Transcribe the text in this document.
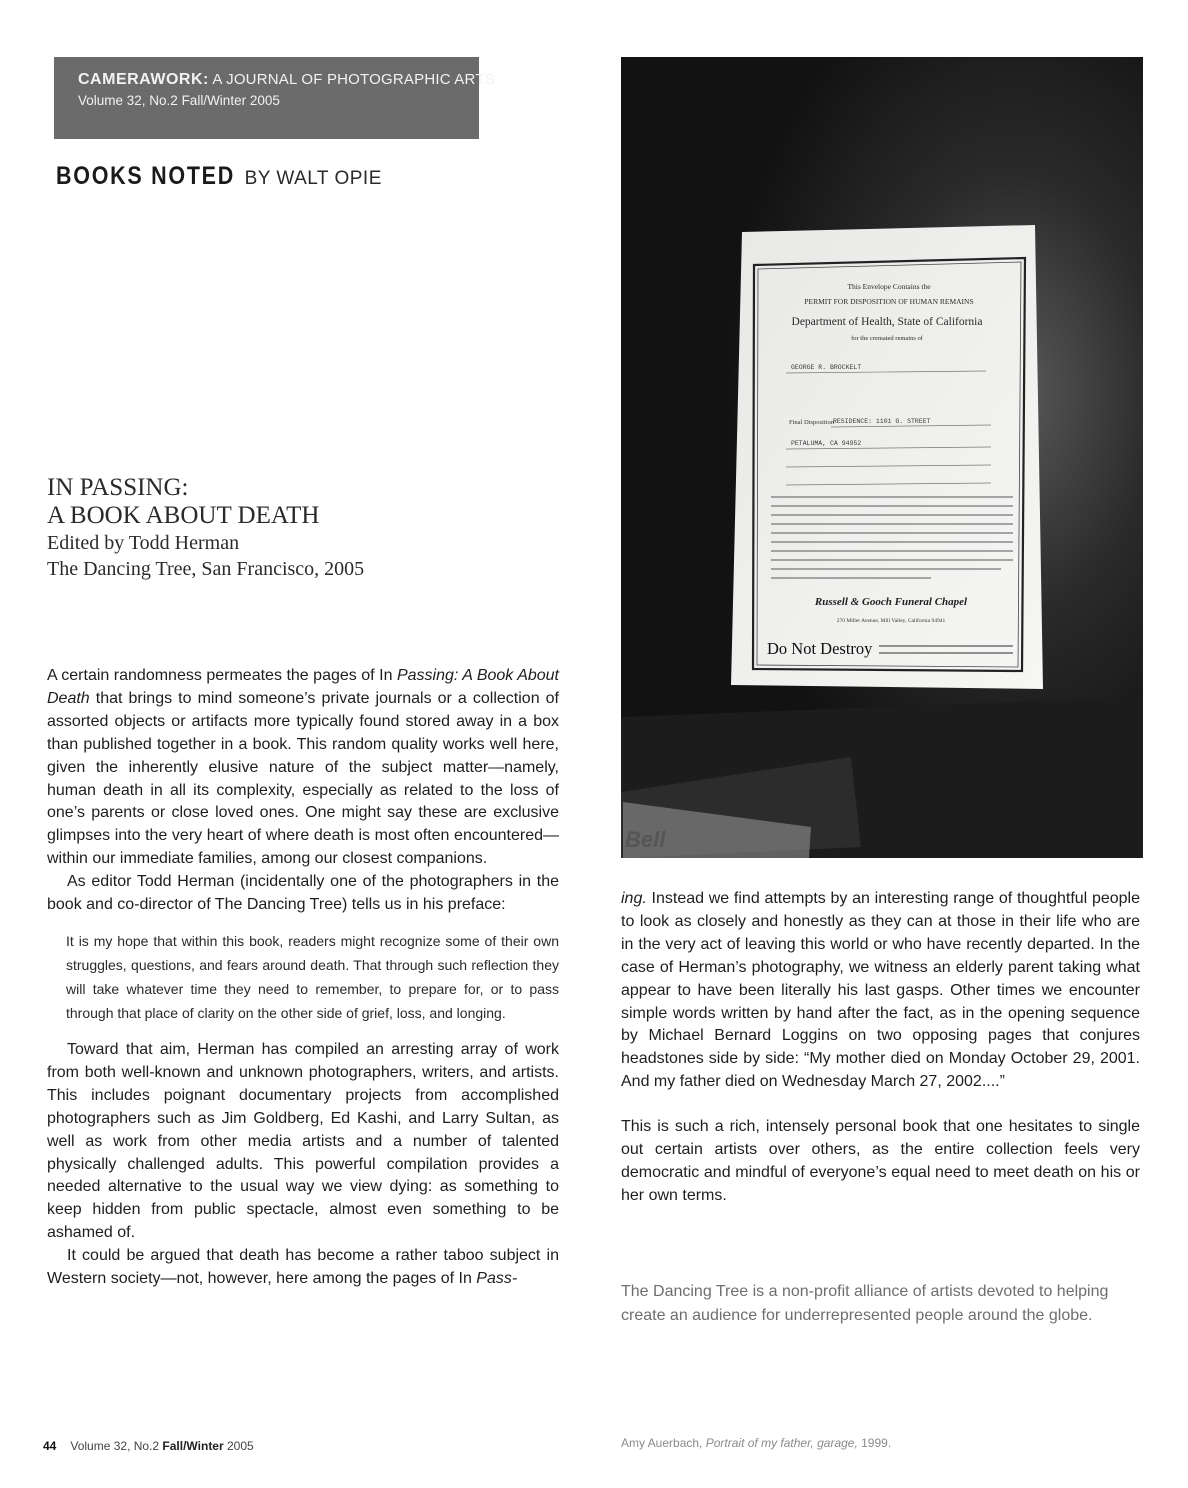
CAMERAWORK: A JOURNAL OF PHOTOGRAPHIC ARTS
Volume 32, No.2 Fall/Winter 2005
BOOKS NOTED BY WALT OPIE
IN PASSING:
A BOOK ABOUT DEATH
Edited by Todd Herman
The Dancing Tree, San Francisco, 2005

A certain randomness permeates the pages of In Passing: A Book About Death that brings to mind someone’s private journals or a collection of assorted objects or artifacts more typically found stored away in a box than published together in a book. This random quality works well here, given the inherently elusive nature of the subject matter—namely, human death in all its complexity, especially as related to the loss of one’s parents or close loved ones. One might say these are exclusive glimpses into the very heart of where death is most often encountered—within our immediate families, among our closest companions.

As editor Todd Herman (incidentally one of the photographers in the book and co-director of The Dancing Tree) tells us in his preface:

It is my hope that within this book, readers might recognize some of their own struggles, questions, and fears around death. That through such reflection they will take whatever time they need to remember, to prepare for, or to pass through that place of clarity on the other side of grief, loss, and longing.

Toward that aim, Herman has compiled an arresting array of work from both well-known and unknown photographers, writers, and artists. This includes poignant documentary projects from accomplished photographers such as Jim Goldberg, Ed Kashi, and Larry Sultan, as well as work from other media artists and a number of talented physically challenged adults. This powerful compilation provides a needed alternative to the usual way we view dying: as something to keep hidden from public spectacle, almost even something to be ashamed of.

It could be argued that death has become a rather taboo subject in Western society—not, however, here among the pages of In Pass-

This Envelope Contains the
PERMIT FOR DISPOSITION OF HUMAN REMAINS
Department of Health, State of California
for the cremated remains of
GEORGE R. BROCKELT
RESIDENCE: 1101 G. STREET
PETALUMA, CA 94952
Final Disposition
Russell & Gooch Funeral Chapel
270 Miller Avenue, Mill Valley, California 94941
Do Not Destroy
Bell

ing. Instead we find attempts by an interesting range of thoughtful people to look as closely and honestly as they can at those in their life who are in the very act of leaving this world or who have recently departed. In the case of Herman’s photography, we witness an elderly parent taking what appear to have been literally his last gasps. Other times we encounter simple words written by hand after the fact, as in the opening sequence by Michael Bernard Loggins on two opposing pages that conjures headstones side by side: “My mother died on Monday October 29, 2001. And my father died on Wednesday March 27, 2002....”

This is such a rich, intensely personal book that one hesitates to single out certain artists over others, as the entire collection feels very democratic and mindful of everyone’s equal need to meet death on his or her own terms.

The Dancing Tree is a non-profit alliance of artists devoted to helping create an audience for underrepresented people around the globe.
Amy Auerbach, Portrait of my father, garage, 1999.
44 Volume 32, No.2 Fall/Winter 2005
